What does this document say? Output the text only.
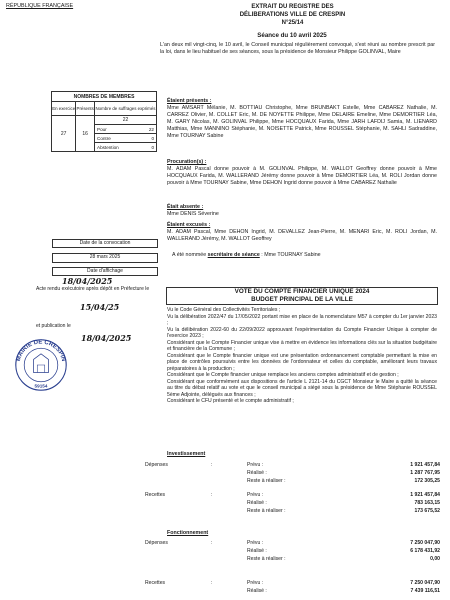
RÉPUBLIQUE FRANÇAISE	EXTRAIT DU REGISTRE DES
DÉLIBERATIONS VILLE DE CRESPIN
N°25/14
Séance du 10 avril 2025
L'an deux mil vingt-cinq, le 10 avril, le Conseil municipal régulièrement convoqué, s'est réuni au nombre prescrit par la loi, dans le lieu habituel de ses séances, sous la présidence de Monsieur Philippe GOLINVAL, Maire
NOMBRES DE MEMBRES		
En exercice	Présents	Nombre de suffrages exprimés
27	16	22
		Pour 22

		Contre 0

		Abstention 0
Date de la convocation
28 mars 2025
Date d'affichage
18/04/2025
Acte rendu exécutoire après dépôt en Préfecture le
15/04/25
et publication le
18/04/2025
MAIRIE DE CRESPIN
59154
Étaient présents :
Mme AMSART Mélanie, M. BOTTIAU Christophe, Mme BRUNBAKT Estelle, Mme CABAREZ Nathalie, M. CARREZ Olivier, M. COLLET Eric, M. DE NOYETTE Philippe, Mme DELAIRE Emeline, Mme DEMORTIER Léa, M. GARY Nicolas, M. GOLINVAL Philippe, Mme HOCQUAUX Farida, Mme JARH LAFDIJ Samia, M. LIENARD Matthias, Mme MANNINO Stéphanie, M. NOISETTE Patrick, Mme ROUSSEL Stéphanie, M. SAHLI Sadraddine, Mme TOURNAY Sabine
Procuration(s) :
M. ADAM Pascal donne pouvoir à M. GOLINVAL Philippe, M. WALLOT Geoffrey donne pouvoir à Mme HOCQUAUX Farida, M. WALLERAND Jérémy donne pouvoir à Mme DEMORTIER Léa, M. ROLI Jordan donne pouvoir à Mme TOURNAY Sabine, Mme DEHON Ingrid donne pouvoir à Mme CABAREZ Nathalie
Était absente :
Mme DENIS Séverine
Étaient excusés :
M. ADAM Pascal, Mme DEHON Ingrid, M. DEVALLEZ Jean-Pierre, M. MENARI Eric, M. ROLI Jordan, M. WALLERAND Jérémy, M. WALLOT Geoffrey
A été nommée secrétaire de séance : Mme TOURNAY Sabine
VOTE DU COMPTE FINANCIER UNIQUE 2024
BUDGET PRINCIPAL DE LA VILLE
Vu le Code Général des Collectivités Territoriales ;
Vu la délibération 2022/47 du 17/05/2022 portant mise en place de la nomenclature M57 à compter du 1er janvier 2023 ;
Vu la délibération 2022-60 du 22/09/2022 approuvant l'expérimentation du Compte Financier Unique à compter de l'exercice 2023 ;
Considérant que le Compte Financier unique vise à mettre en évidence les informations clés sur la situation budgétaire et financière de la Commune ;
Considérant que le Compte financier unique est une présentation ordonnancement comptable permettant la mise en place de contrôles poursuivis entre les données de l'ordonnateur et celles du comptable, améliorant leurs travaux préparatoires à la production ;
Considérant que le Compte financier unique remplace les anciens comptes administratif et de gestion ;
Considérant que conformément aux dispositions de l'article L 2121-14 du CGCT Monsieur le Maire a quitté la séance au titre du débat relatif au vote et que le conseil municipal a siégé sous la présidence de Mme Stéphanie ROUSSEL 5ème Adjointe, délégués aux finances ;
Considérant le CFU présenté et le compte administratif ;
Investissement
Dépenses	:	Prévu :	1 921 457,84
Réalisé :	1 287 767,95
Reste à réaliser :	172 305,25
Recettes	:	Prévu :	1 921 457,84
Réalisé :	783 163,15
Reste à réaliser :	173 675,52
Fonctionnement
Dépenses	:	Prévu :	7 250 047,90
Réalisé :	6 178 431,92
Reste à réaliser :	0,00
Recettes	:	Prévu :	7 250 047,90
Réalisé :	7 439 116,51
